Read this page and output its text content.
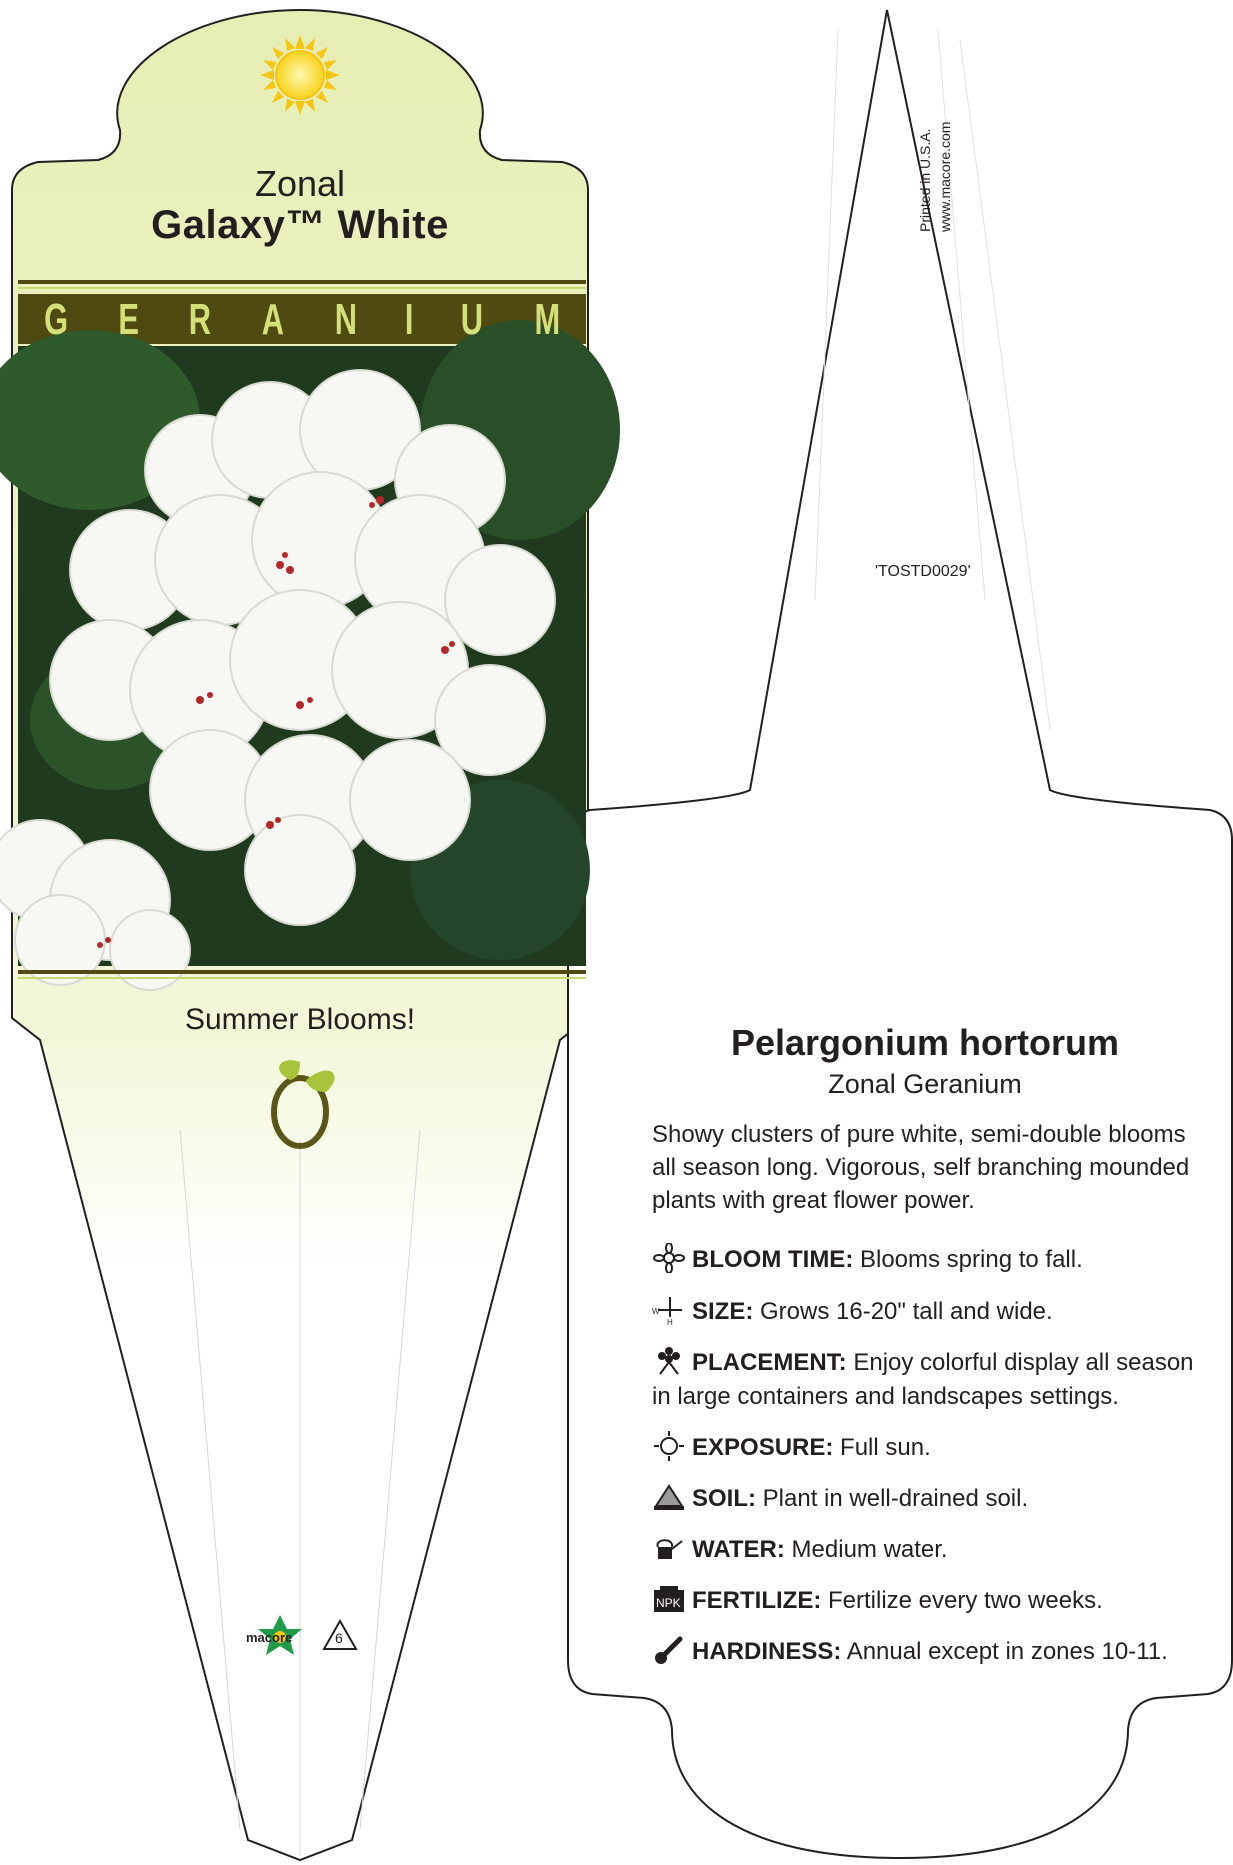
Zonal
Galaxy™ White
G E R A N I U M
Summer Blooms!
macore	6
Printed in U.S.A. www.macore.com
'TOSTD0029'
Pelargonium hortorum
Zonal Geranium
Showy clusters of pure white, semi-double blooms all season long. Vigorous, self branching mounded plants with great flower power.
BLOOM TIME: Blooms spring to fall.
W
H SIZE: Grows 16-20" tall and wide.
PLACEMENT: Enjoy colorful display all season in large containers and landscapes settings.
EXPOSURE: Full sun.
SOIL: Plant in well-drained soil.
WATER: Medium water.
NPK FERTILIZE: Fertilize every two weeks.
HARDINESS: Annual except in zones 10-11.
